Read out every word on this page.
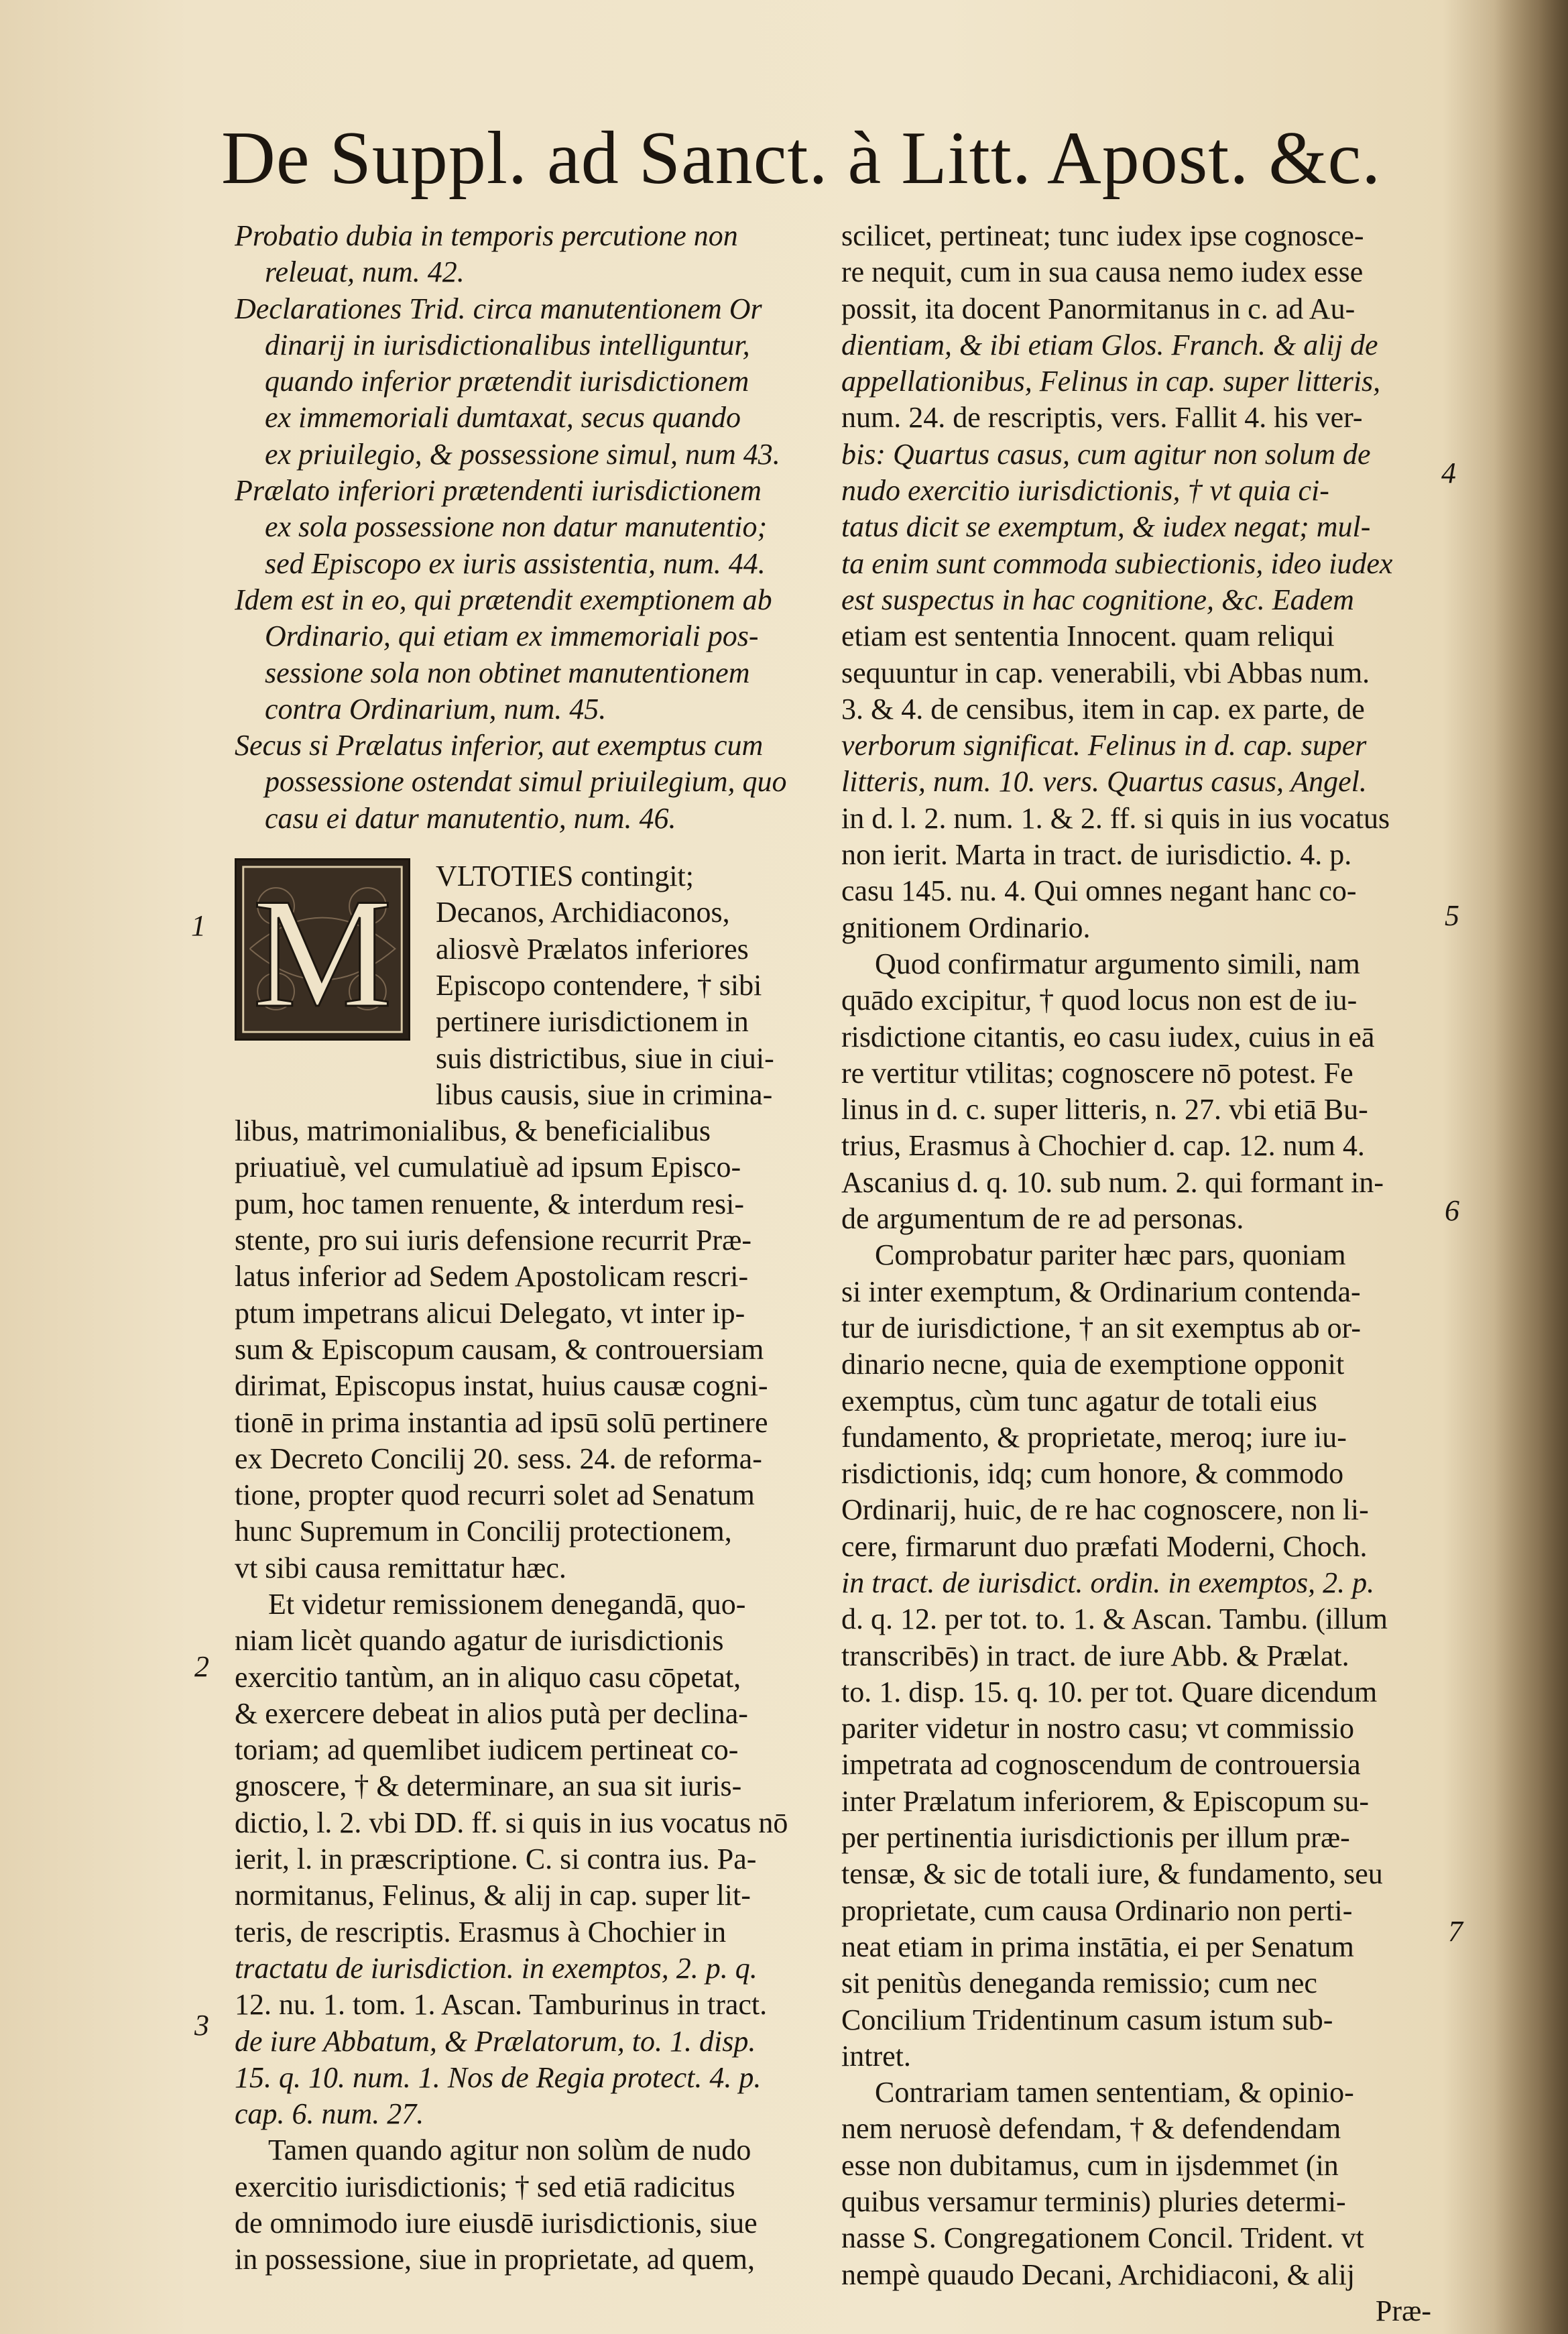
De Suppl. ad Sanct. à Litt. Apost. &c.
Probatio dubia in temporis percutione non
releuat, num. 42.
Declarationes Trid. circa manutentionem Or
dinarij in iurisdictionalibus intelliguntur,
quando inferior prætendit iurisdictionem
ex immemoriali dumtaxat, secus quando
ex priuilegio, & possessione simul, num 43.
Prælato inferiori prætendenti iurisdictionem
ex sola possessione non datur manutentio;
sed Episcopo ex iuris assistentia, num. 44.
Idem est in eo, qui prætendit exemptionem ab
Ordinario, qui etiam ex immemoriali pos-
sessione sola non obtinet manutentionem
contra Ordinarium, num. 45.
Secus si Prælatus inferior, aut exemptus cum
possessione ostendat simul priuilegium, quo
casu ei datur manutentio, num. 46.
M	VLTOTIES contingit;
Decanos, Archidiaconos,
aliosvè Prælatos inferiores
Episcopo contendere, † sibi
pertinere iurisdictionem in
suis districtibus, siue in ciui-
libus causis, siue in crimina-
libus, matrimonialibus, & beneficialibus
priuatiuè, vel cumulatiuè ad ipsum Episco-
pum, hoc tamen renuente, & interdum resi-
stente, pro sui iuris defensione recurrit Præ-
latus inferior ad Sedem Apostolicam rescri-
ptum impetrans alicui Delegato, vt inter ip-
sum & Episcopum causam, & controuersiam
dirimat, Episcopus instat, huius causæ cogni-
tionē in prima instantia ad ipsū solū pertinere
ex Decreto Concilij 20. sess. 24. de reforma-
tione, propter quod recurri solet ad Senatum
hunc Supremum in Concilij protectionem,
vt sibi causa remittatur hæc.
Et videtur remissionem denegandā, quo-
niam licèt quando agatur de iurisdictionis
exercitio tantùm, an in aliquo casu cōpetat,
& exercere debeat in alios putà per declina-
toriam; ad quemlibet iudicem pertineat co-
gnoscere, † & determinare, an sua sit iuris-
dictio, l. 2. vbi DD. ff. si quis in ius vocatus nō
ierit, l. in præscriptione. C. si contra ius. Pa-
normitanus, Felinus, & alij in cap. super lit-
teris, de rescriptis. Erasmus à Chochier in
tractatu de iurisdiction. in exemptos, 2. p. q.
12. nu. 1. tom. 1. Ascan. Tamburinus in tract.
de iure Abbatum, & Prælatorum, to. 1. disp.
15. q. 10. num. 1. Nos de Regia protect. 4. p.
cap. 6. num. 27.
Tamen quando agitur non solùm de nudo
exercitio iurisdictionis; † sed etiā radicitus
de omnimodo iure eiusdē iurisdictionis, siue
in possessione, siue in proprietate, ad quem,
scilicet, pertineat; tunc iudex ipse cognosce-
re nequit, cum in sua causa nemo iudex esse
possit, ita docent Panormitanus in c. ad Au-
dientiam, & ibi etiam Glos. Franch. & alij de
appellationibus, Felinus in cap. super litteris,
num. 24. de rescriptis, vers. Fallit 4. his ver-
bis: Quartus casus, cum agitur non solum de
nudo exercitio iurisdictionis, † vt quia ci-
tatus dicit se exemptum, & iudex negat; mul-
ta enim sunt commoda subiectionis, ideo iudex
est suspectus in hac cognitione, &c. Eadem
etiam est sententia Innocent. quam reliqui
sequuntur in cap. venerabili, vbi Abbas num.
3. & 4. de censibus, item in cap. ex parte, de
verborum significat. Felinus in d. cap. super
litteris, num. 10. vers. Quartus casus, Angel.
in d. l. 2. num. 1. & 2. ff. si quis in ius vocatus
non ierit. Marta in tract. de iurisdictio. 4. p.
casu 145. nu. 4. Qui omnes negant hanc co-
gnitionem Ordinario.
Quod confirmatur argumento simili, nam
quādo excipitur, † quod locus non est de iu-
risdictione citantis, eo casu iudex, cuius in eā
re vertitur vtilitas; cognoscere nō potest. Fe
linus in d. c. super litteris, n. 27. vbi etiā Bu-
trius, Erasmus à Chochier d. cap. 12. num 4.
Ascanius d. q. 10. sub num. 2. qui formant in-
de argumentum de re ad personas.
Comprobatur pariter hæc pars, quoniam
si inter exemptum, & Ordinarium contenda-
tur de iurisdictione, † an sit exemptus ab or-
dinario necne, quia de exemptione opponit
exemptus, cùm tunc agatur de totali eius
fundamento, & proprietate, meroq; iure iu-
risdictionis, idq; cum honore, & commodo
Ordinarij, huic, de re hac cognoscere, non li-
cere, firmarunt duo præfati Moderni, Choch.
in tract. de iurisdict. ordin. in exemptos, 2. p.
d. q. 12. per tot. to. 1. & Ascan. Tambu. (illum
transcribēs) in tract. de iure Abb. & Prælat.
to. 1. disp. 15. q. 10. per tot. Quare dicendum
pariter videtur in nostro casu; vt commissio
impetrata ad cognoscendum de controuersia
inter Prælatum inferiorem, & Episcopum su-
per pertinentia iurisdictionis per illum præ-
tensæ, & sic de totali iure, & fundamento, seu
proprietate, cum causa Ordinario non perti-
neat etiam in prima instātia, ei per Senatum
sit penitùs deneganda remissio; cum nec
Concilium Tridentinum casum istum sub-
intret.
Contrariam tamen sententiam, & opinio-
nem neruosè defendam, † & defendendam
esse non dubitamus, cum in ijsdemmet (in
quibus versamur terminis) pluries determi-
nasse S. Congregationem Concil. Trident. vt
nempè quaudo Decani, Archidiaconi, & alij
Præ-
1
2
3
4
5
6
7
